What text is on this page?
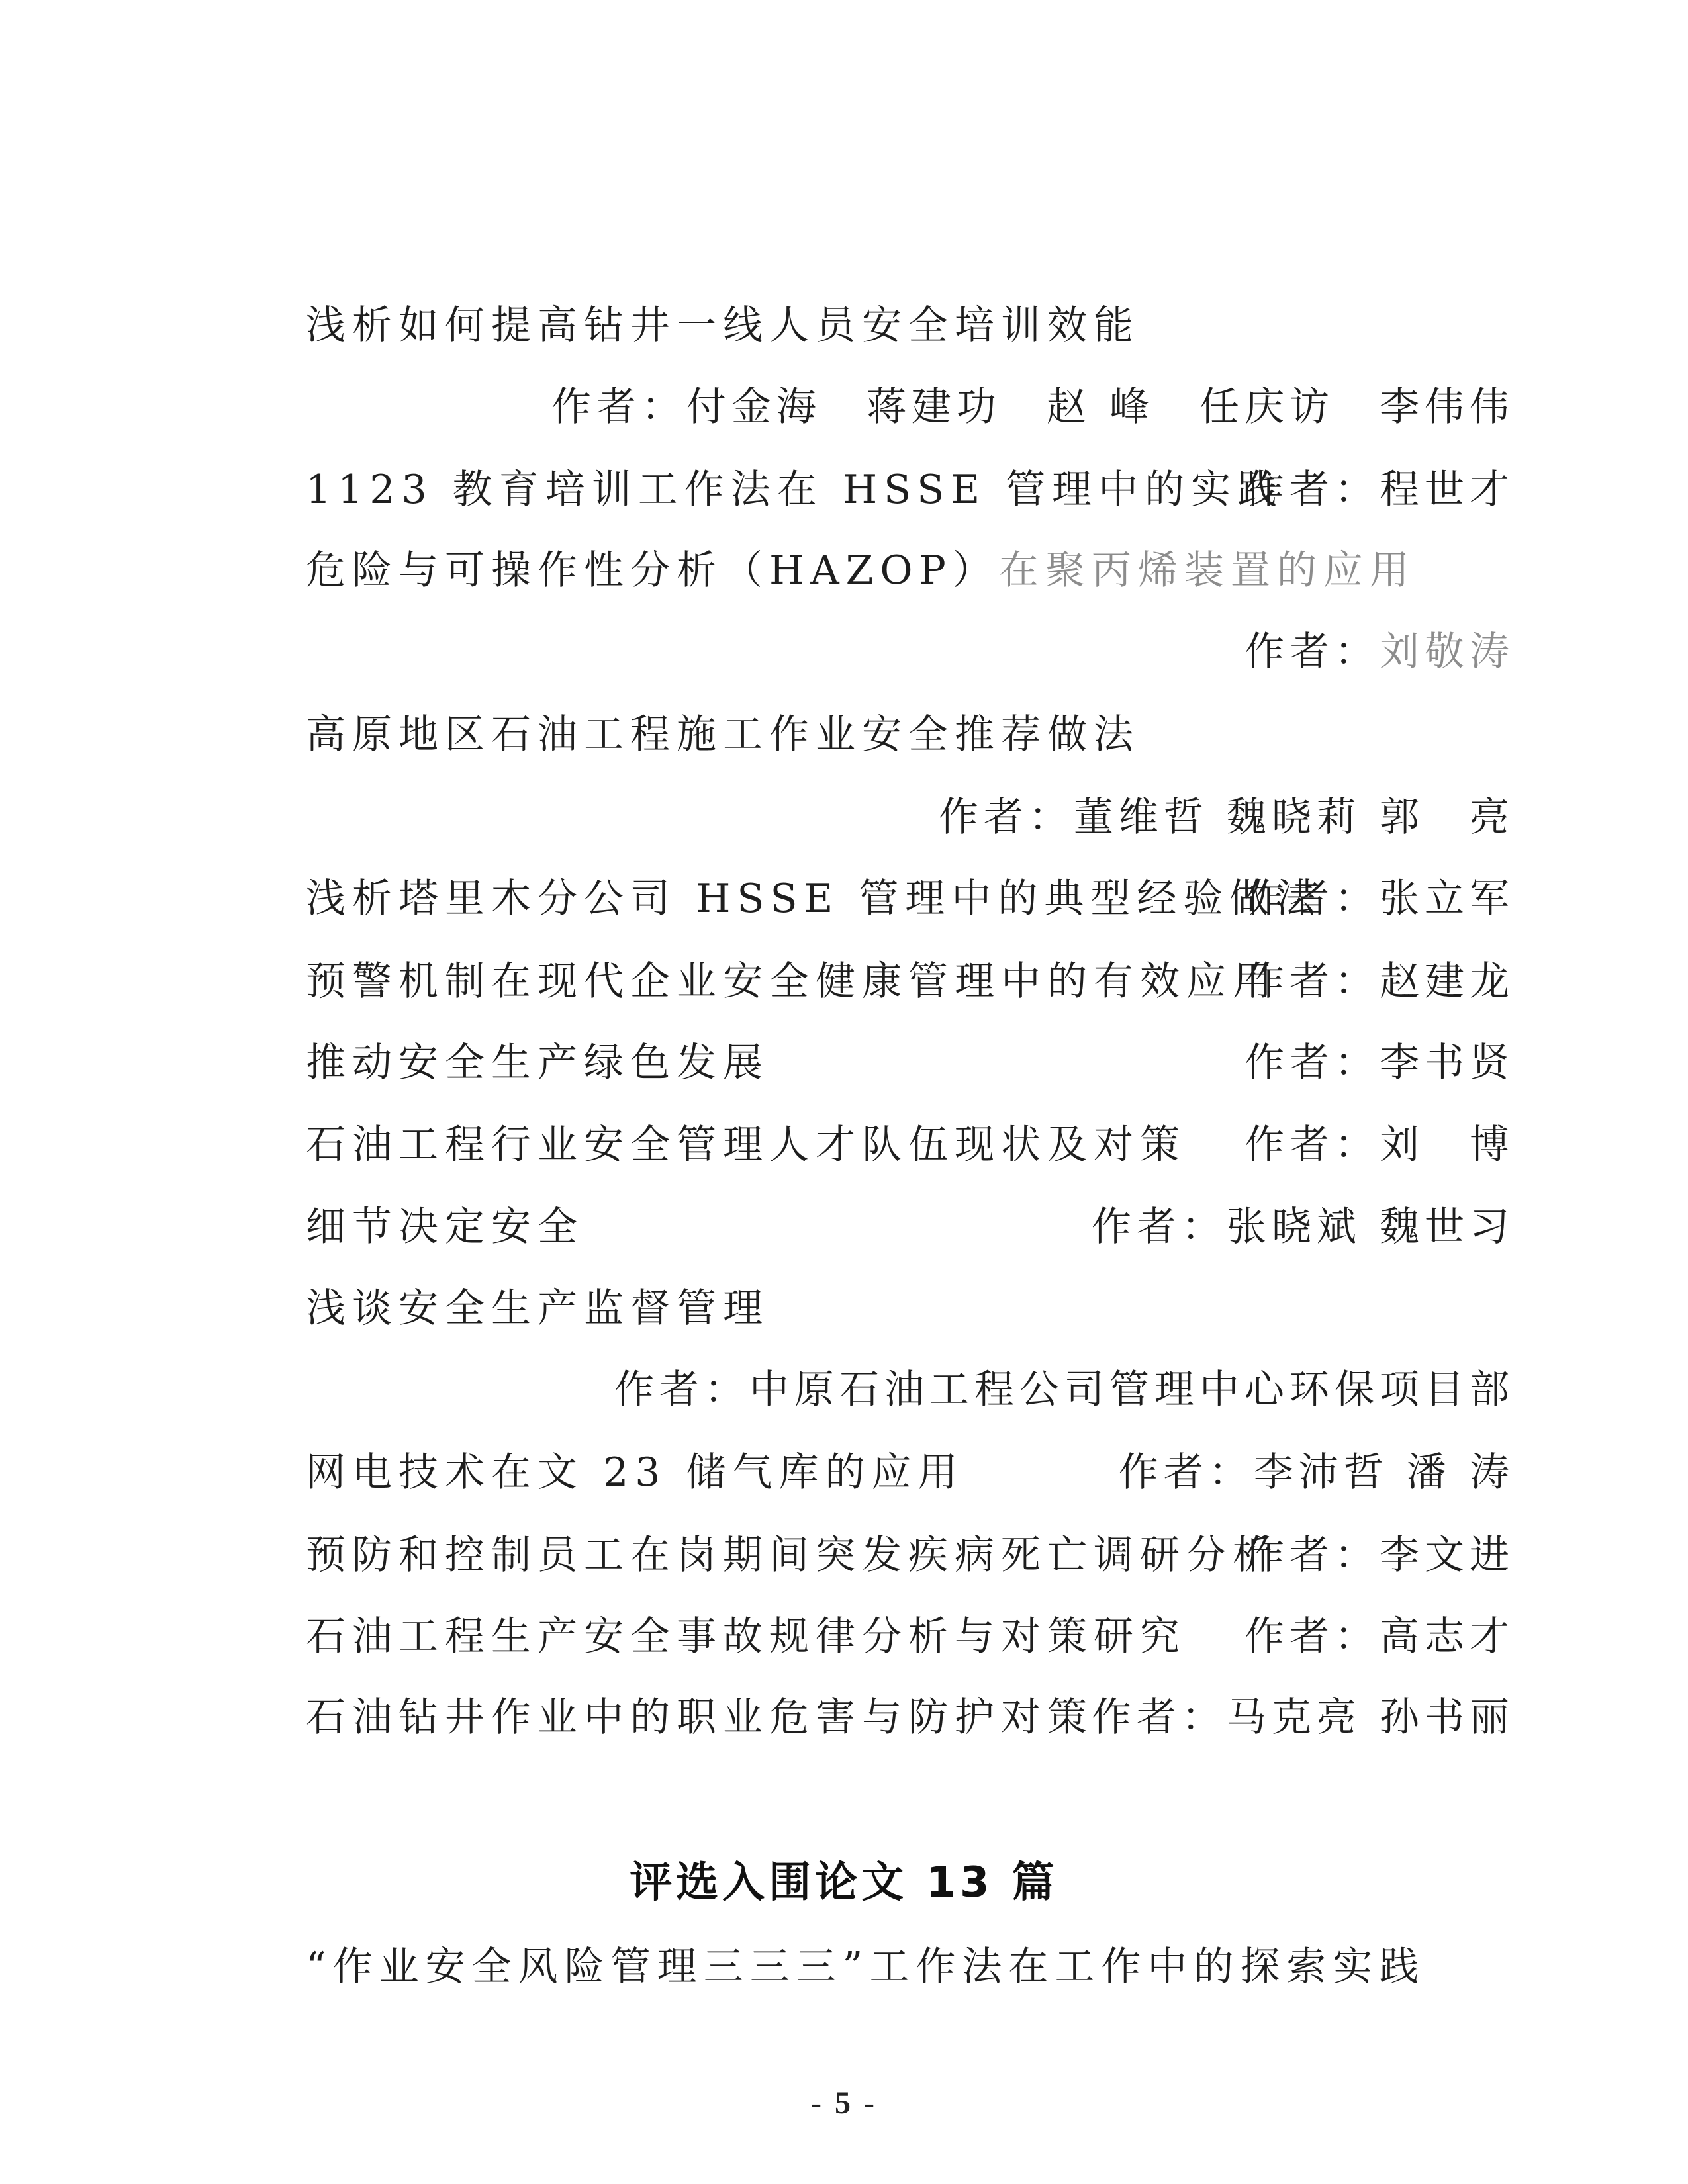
浅析如何提高钻井一线人员安全培训效能
作者：付金海　蒋建功　赵 峰　任庆访　李伟伟
1123 教育培训工作法在 HSSE 管理中的实践
作者：程世才
危险与可操作性分析（HAZOP）在聚丙烯装置的应用
作者：刘敬涛
高原地区石油工程施工作业安全推荐做法
作者：董维哲 魏晓莉 郭　亮
浅析塔里木分公司 HSSE 管理中的典型经验做法
作者：张立军
预警机制在现代企业安全健康管理中的有效应用
作者：赵建龙
推动安全生产绿色发展	作者：李书贤
石油工程行业安全管理人才队伍现状及对策 作者：刘　博
细节决定安全	作者：张晓斌 魏世习
浅谈安全生产监督管理
作者：中原石油工程公司管理中心环保项目部
网电技术在文 23 储气库的应用	作者：李沛哲 潘 涛
预防和控制员工在岗期间突发疾病死亡调研分析
作者：李文进
石油工程生产安全事故规律分析与对策研究 作者：高志才
石油钻井作业中的职业危害与防护对策
作者：马克亮 孙书丽
评选入围论文 13 篇
“作业安全风险管理三三三”工作法在工作中的探索实践
- 5 -
